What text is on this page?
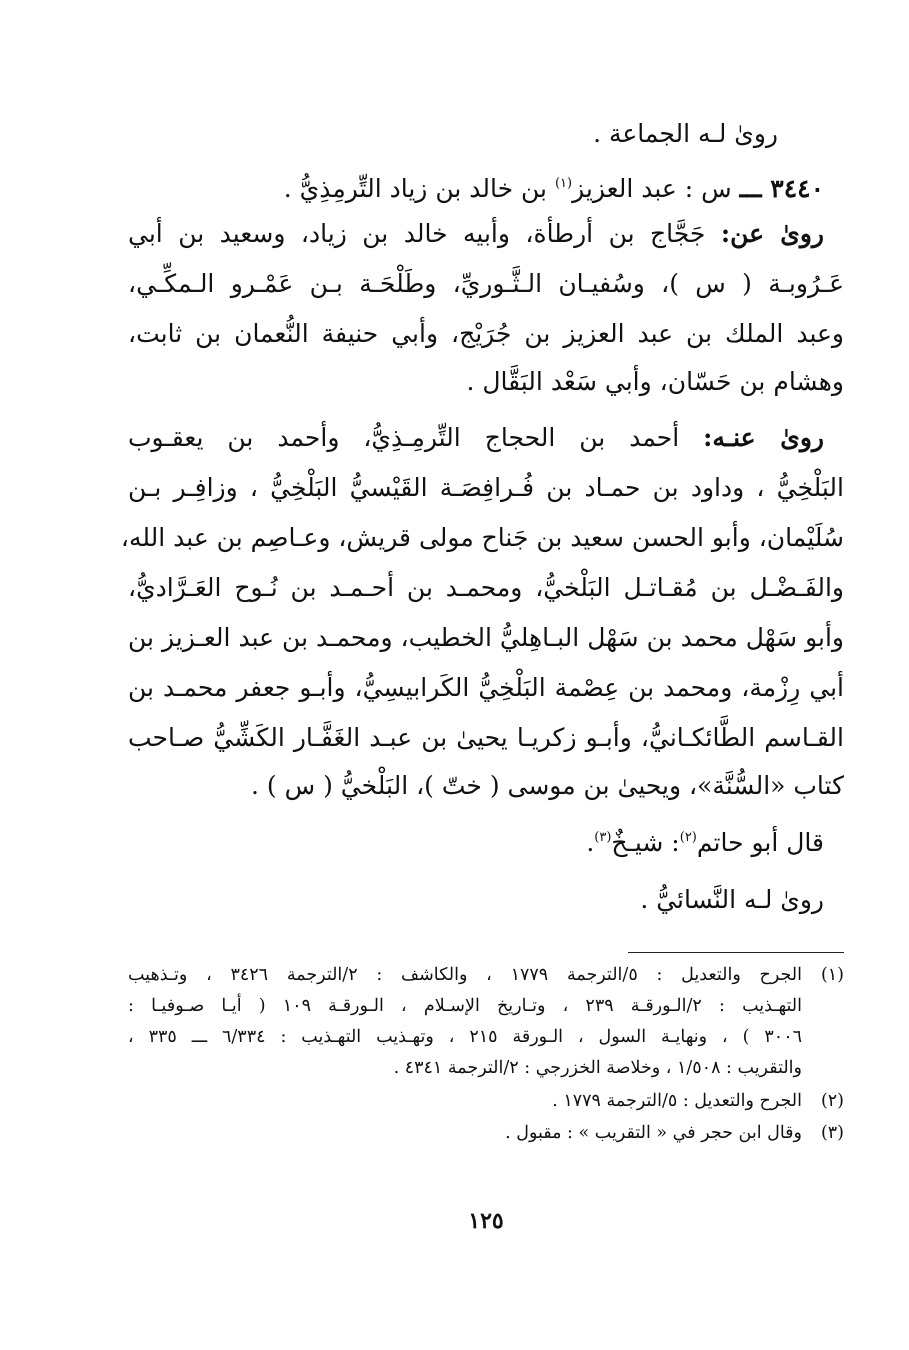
رویٰ لـه الجماعة .
٣٤٤٠ ـــ س : عبد العزيز$^{(١)}$ بن خالد بن زياد التِّرمِذِيُّ .
رویٰ عن: جَجَّاج بن أرطأة، وأبيه خالد بن زياد، وسعيد بن أبي
عَـرُوبـة ( س )، وسُفيـان الـثَّـوريِّ، وطَلْحَـة بـن عَمْـرو الـمكِّـي،
وعبد الملك بن عبد العزيز بن جُرَيْج، وأبي حنيفة النُّعمان بن ثابت،
وهشام بن حَسّان، وأبي سَعْد البَقَّال .
رویٰ عنـه: أحمد بن الحجاج التِّرمِـذِيُّ، وأحمد بن يعقـوب
البَلْخِيُّ ، وداود بن حمـاد بن فُـرافِصَـة القَيْسيُّ البَلْخِيُّ ، وزافِـر بـن
سُلَيْمان، وأبو الحسن سعيد بن جَناح مولى قريش، وعـاصِم بن عبد الله،
والفَـضْـل بن مُقـاتـل البَلْخيُّ، ومحمـد بن أحـمـد بن نُـوح العَـرَّاديُّ،
وأبو سَهْل محمد بن سَهْل البـاهِليُّ الخطيب، ومحمـد بن عبد العـزيز بن
أبي رِزْمة، ومحمد بن عِصْمة البَلْخِيُّ الكَرابيسِيُّ، وأبـو جعفر محمـد بن
القـاسم الطَّائكـانيُّ، وأبـو زكريـا يحيىٰ بن عبـد الغَفَّـار الكَشِّيُّ صـاحب
كتاب «السُّنَّة»، ويحيىٰ بن موسى ( ختّ )، البَلْخيُّ ( س ) .
قال أبو حاتم$^{(٢)}$: شيـخٌ$^{(٣)}$.
رویٰ لـه النَّسائيُّ .
(١)الجرح والتعديل : ٥/الترجمة ١٧٧٩ ، والكاشف : ٢/الترجمة ٣٤٢٦ ، وتـذهيب
التهـذيب : ٢/الـورقـة ٢٣٩ ، وتـاريخ الإسـلام ، الـورقـة ١٠٩ ( أيـا صـوفيـا :
٣٠٠٦ ) ، ونهايـة السول ، الـورقة ٢١٥ ، وتهـذيب التهـذيب : ٦/٣٣٤ ـــ ٣٣٥ ،
والتقريب : ١/٥٠٨ ، وخلاصة الخزرجي : ٢/الترجمة ٤٣٤١ .
(٢)الجرح والتعديل : ٥/الترجمة ١٧٧٩ .
(٣)وقال ابن حجر في « التقريب » : مقبول .
١٢٥
